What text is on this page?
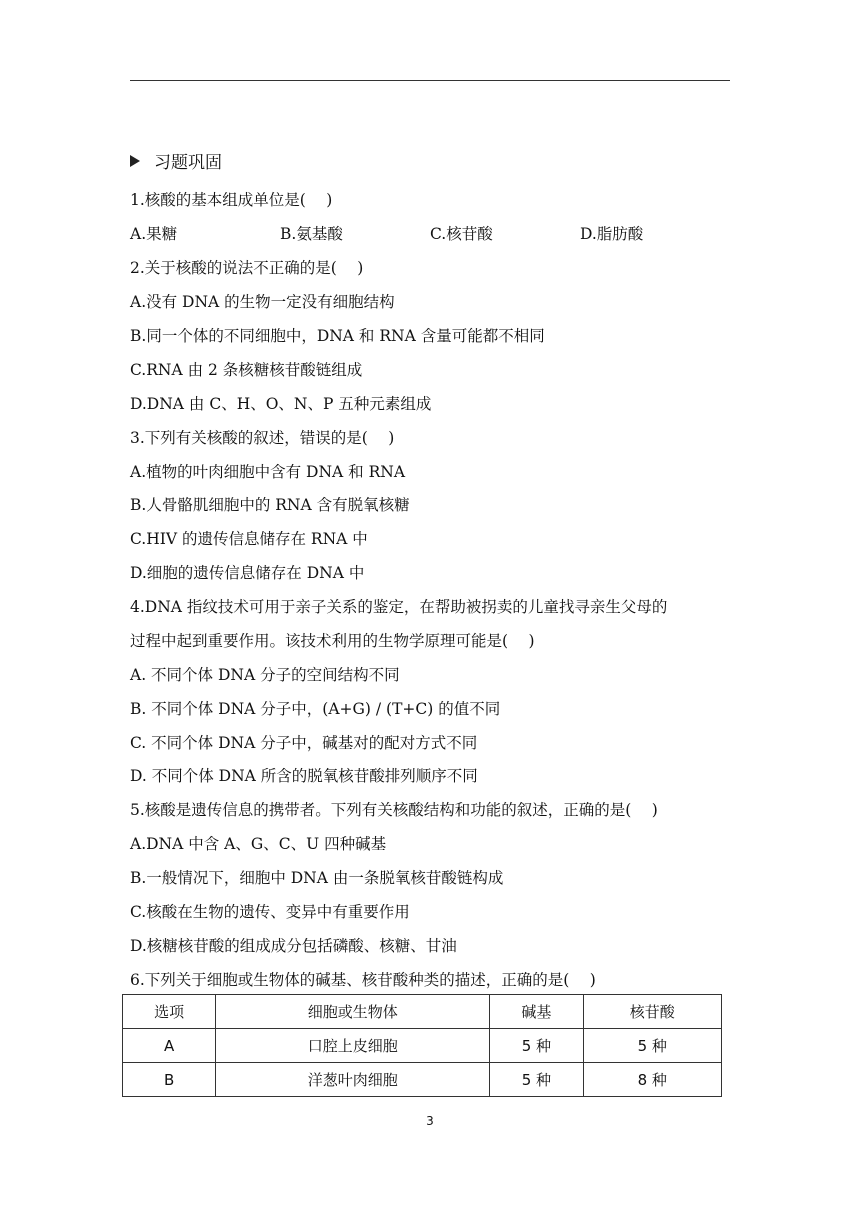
习题巩固
1.核酸的基本组成单位是(　 )
A.果糖	B.氨基酸	C.核苷酸	D.脂肪酸
2.关于核酸的说法不正确的是(　 )
A.没有 DNA 的生物一定没有细胞结构
B.同一个体的不同细胞中，DNA 和 RNA 含量可能都不相同
C.RNA 由 2 条核糖核苷酸链组成
D.DNA 由 C、H、O、N、P 五种元素组成
3.下列有关核酸的叙述，错误的是(　 )
A.植物的叶肉细胞中含有 DNA 和 RNA
B.人骨骼肌细胞中的 RNA 含有脱氧核糖
C.HIV 的遗传信息储存在 RNA 中
D.细胞的遗传信息储存在 DNA 中
4.DNA 指纹技术可用于亲子关系的鉴定，在帮助被拐卖的儿童找寻亲生父母的
过程中起到重要作用。该技术利用的生物学原理可能是(　 )
A. 不同个体 DNA 分子的空间结构不同
B. 不同个体 DNA 分子中，(A+G) / (T+C) 的值不同
C. 不同个体 DNA 分子中，碱基对的配对方式不同
D. 不同个体 DNA 所含的脱氧核苷酸排列顺序不同
5.核酸是遗传信息的携带者。下列有关核酸结构和功能的叙述，正确的是(　 )
A.DNA 中含 A、G、C、U 四种碱基
B.一般情况下，细胞中 DNA 由一条脱氧核苷酸链构成
C.核酸在生物的遗传、变异中有重要作用
D.核糖核苷酸的组成成分包括磷酸、核糖、甘油
6.下列关于细胞或生物体的碱基、核苷酸种类的描述，正确的是(　 )
选项	细胞或生物体	碱基	核苷酸
A	口腔上皮细胞	5 种	5 种
B	洋葱叶肉细胞	5 种	8 种
3
